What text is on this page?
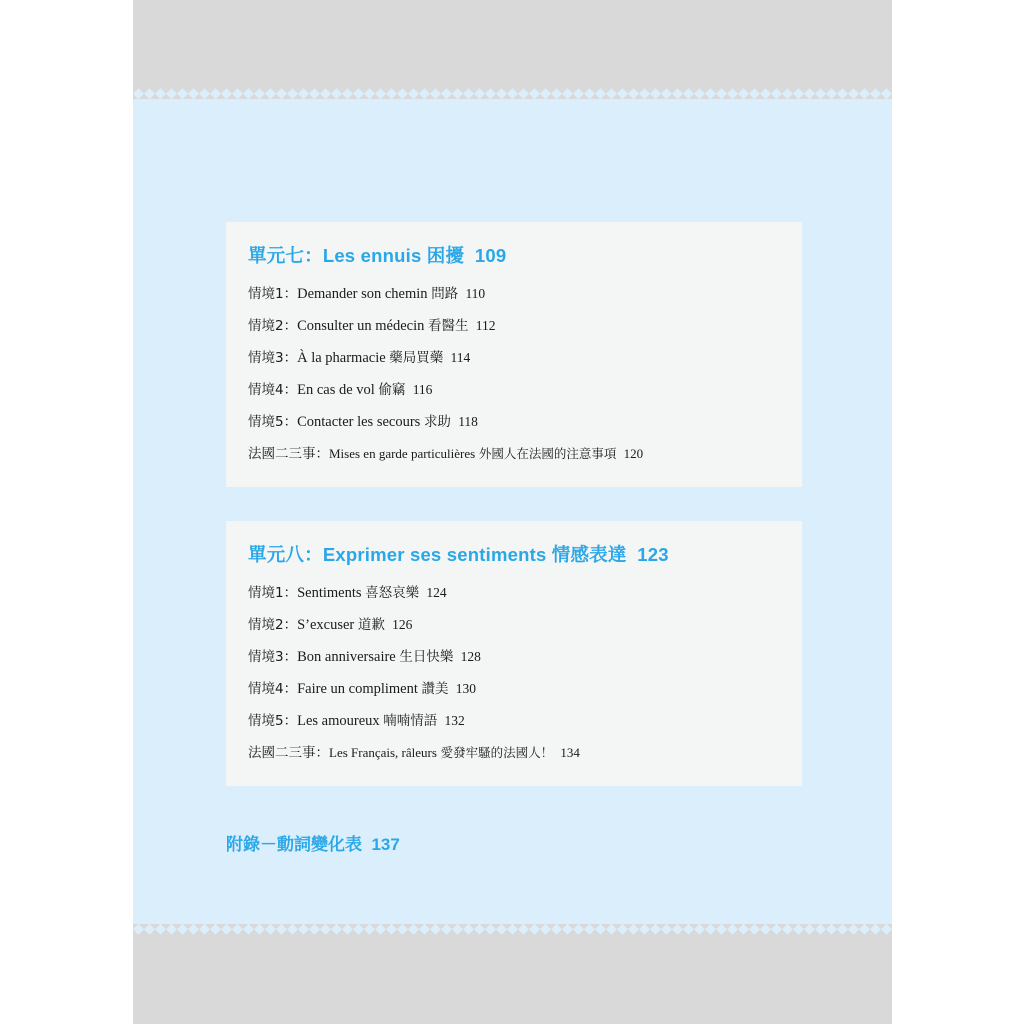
單元七：Les ennuis 困擾 109
情境1：Demander son chemin 問路 110
情境2：Consulter un médecin 看醫生 112
情境3：À la pharmacie 藥局買藥 114
情境4：En cas de vol 偷竊 116
情境5：Contacter les secours 求助 118
法國二三事：Mises en garde particulières 外國人在法國的注意事項 120
單元八：Exprimer ses sentiments 情感表達 123
情境1：Sentiments 喜怒哀樂 124
情境2：S’excuser 道歉 126
情境3：Bon anniversaire 生日快樂 128
情境4：Faire un compliment 讚美 130
情境5：Les amoureux 喃喃情語 132
法國二三事：Les Français, râleurs 愛發牢騷的法國人！ 134
附錄－動詞變化表 137
